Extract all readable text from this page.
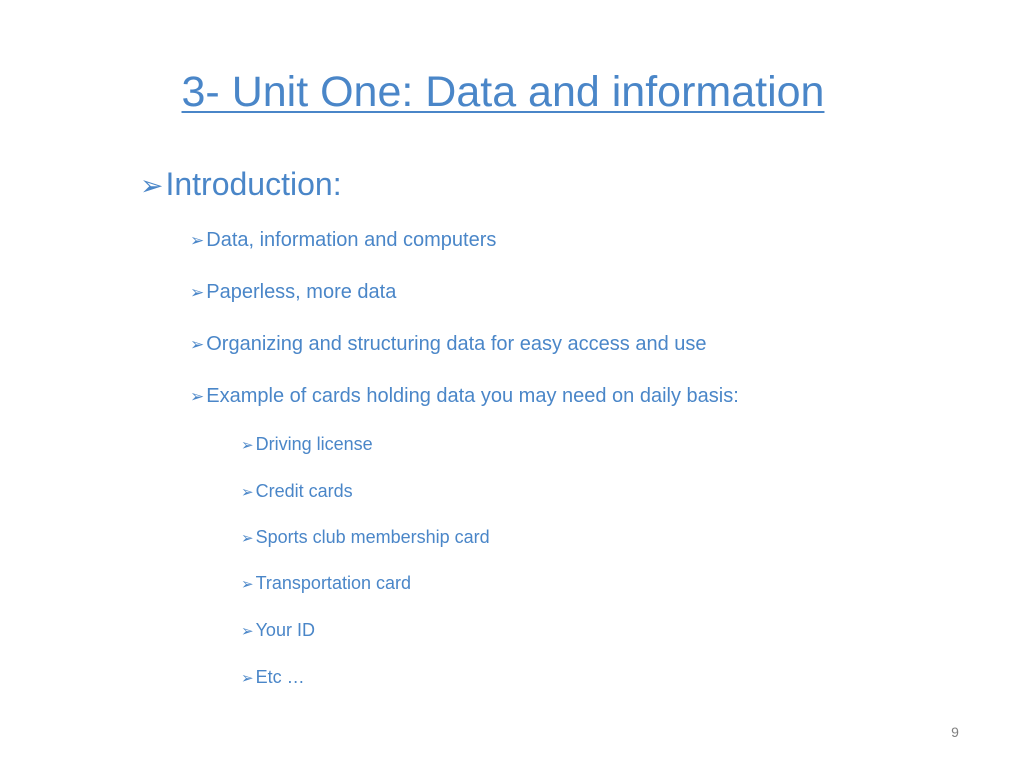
3- Unit One: Data and information
➢Introduction:
➢ Data, information and computers
➢ Paperless, more data
➢ Organizing and structuring data for easy access and use
➢ Example of cards holding data you may need on daily basis:
➢ Driving license
➢ Credit cards
➢ Sports club membership card
➢ Transportation card
➢ Your ID
➢ Etc …
9
